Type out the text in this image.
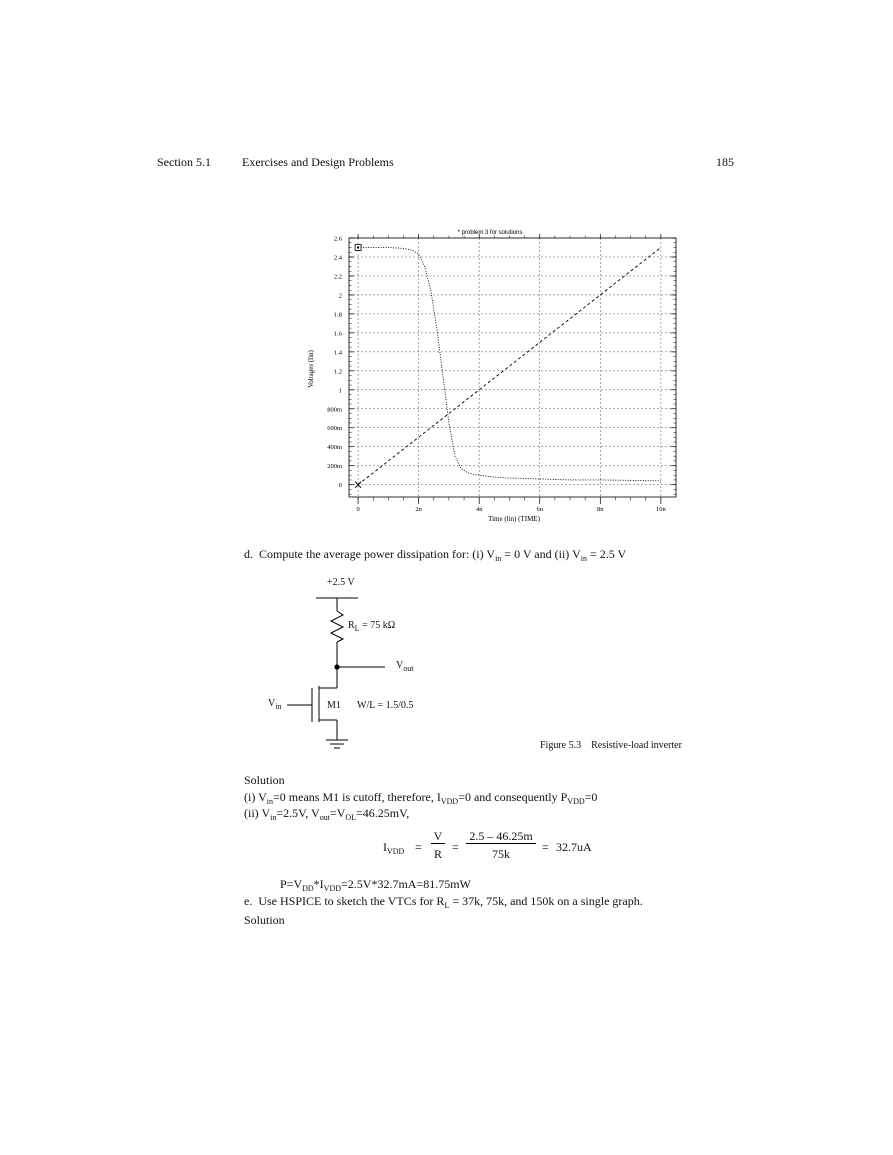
Section 5.1	Exercises and Design Problems	185
0
200m
400m
600m
800m
1
1.2
1.4
1.6
1.8
2
2.2
2.4
2.6
0	2n	4n	6n	8n	10n
* problem 3 for solutions
Time (lin) (TIME)
Voltages (lin)
d.  Compute the average power dissipation for: (i) $V_{in} = 0$ V and (ii) $V_{in} = 2.5$ V
+2.5 V
$R_L = 75$ kΩ
$V_{out}$
$V_{in}$	M1 W/L = 1.5/0.5
Figure 5.3    Resistive-load inverter
Solution
(i) $V_{in}=0$ means M1 is cutoff, therefore, $I_{VDD}=0$ and consequently $P_{VDD}=0$
(ii) $V_{in}=2.5V$, $V_{out}=V_{OL}=46.25mV$,
$I_{VDD}$ =
V
R =
2.5 – 46.25m
75k	= 32.7uA
$P=V_{DD}*I_{VDD}=2.5V*32.7mA=81.75mW$
e.  Use HSPICE to sketch the VTCs for $R_L = 37k$, 75k, and 150k on a single graph.
Solution
